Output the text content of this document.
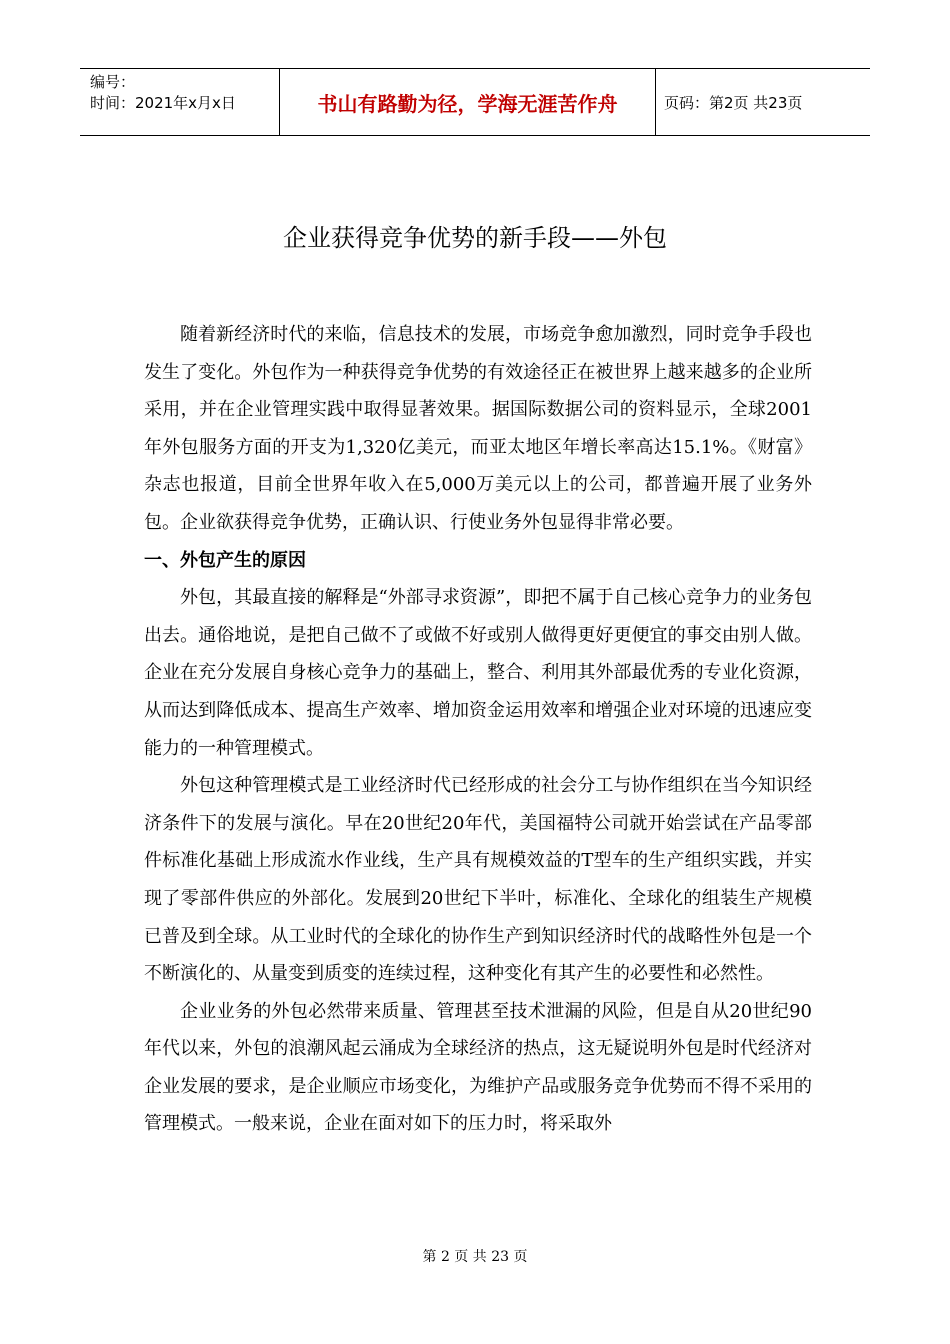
编号：
时间：2021年x月x日	书山有路勤为径，学海无涯苦作舟	页码：第2页 共23页
企业获得竞争优势的新手段——外包

随着新经济时代的来临，信息技术的发展，市场竞争愈加激烈，同时竞争手段也发生了变化。外包作为一种获得竞争优势的有效途径正在被世界上越来越多的企业所采用，并在企业管理实践中取得显著效果。据国际数据公司的资料显示，全球2001年外包服务方面的开支为1,320亿美元，而亚太地区年增长率高达15.1%。《财富》杂志也报道，目前全世界年收入在5,000万美元以上的公司，都普遍开展了业务外包。企业欲获得竞争优势，正确认识、行使业务外包显得非常必要。

一、外包产生的原因

外包，其最直接的解释是“外部寻求资源”，即把不属于自己核心竞争力的业务包出去。通俗地说，是把自己做不了或做不好或别人做得更好更便宜的事交由别人做。企业在充分发展自身核心竞争力的基础上，整合、利用其外部最优秀的专业化资源，从而达到降低成本、提高生产效率、增加资金运用效率和增强企业对环境的迅速应变能力的一种管理模式。

外包这种管理模式是工业经济时代已经形成的社会分工与协作组织在当今知识经济条件下的发展与演化。早在20世纪20年代，美国福特公司就开始尝试在产品零部件标准化基础上形成流水作业线，生产具有规模效益的T型车的生产组织实践，并实现了零部件供应的外部化。发展到20世纪下半叶，标准化、全球化的组装生产规模已普及到全球。从工业时代的全球化的协作生产到知识经济时代的战略性外包是一个不断演化的、从量变到质变的连续过程，这种变化有其产生的必要性和必然性。

企业业务的外包必然带来质量、管理甚至技术泄漏的风险，但是自从20世纪90年代以来，外包的浪潮风起云涌成为全球经济的热点，这无疑说明外包是时代经济对企业发展的要求，是企业顺应市场变化，为维护产品或服务竞争优势而不得不采用的管理模式。一般来说，企业在面对如下的压力时，将采取外

第 2 页 共 23 页
